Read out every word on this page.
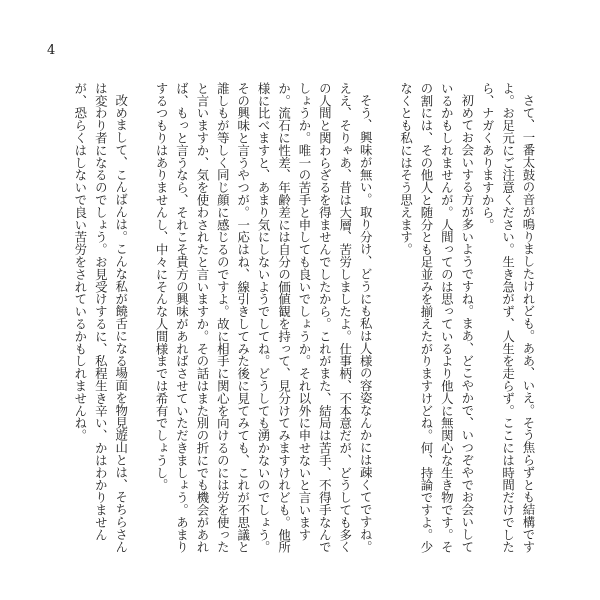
4

さて、一番太鼓の音が鳴りましたけれども。ああ、いえ。そう焦らずとも結構ですよ。お足元にご注意ください。生き急がず、人生を走らず。ここには時間だけでしたら、ナガくありますから。

初めてお会いする方が多いようですね。まあ、どこやかで、いつぞやでお会いしているかもしれませんが。人間ってのは思っているより他人に無関心な生き物です。その割には、その他人と随分とも足並みを揃えたがりますけどね。何、持論ですよ。少なくとも私にはそう思えます。

そう、興味が無い。取り分け、どうにも私は人様の容姿なんかには疎くてですね。ええ、そりゃあ、昔は大層、苦労しましたよ。仕事柄、不本意だが、どうしても多くの人間と関わらざるを得ませんでしたから。これがまた、結局は苦手、不得手なんでしょうか。唯一の苦手と申しても良いでしょうか。それ以外に申せないと言いますか。流石に性差、年齢差には自分の価値観を持って、見分けてみますけれども。他所様に比べますと、あまり気にしないようでしてね。どうしても湧かないのでしょう。その興味と言うやつが。一応はね、線引きしてみた後に見てみても、これが不思議と誰しもが等しく同じ顔に感じるのですよ。故に相手に関心を向けるのには労を使ったと言いますか、気を使わされたと言いますか。その話はまた別の折にでも機会があれば、もっと言うなら、それこそ貴方の興味があればさせていただきましょう。あまりするつもりはありませんし、中々にそんな人間様までは希有でしょうし。

改めまして、こんばんは。こんな私が饒舌になる場面を物見遊山とは、そちらさんは変わり者になるのでしょう。お見受けするに、私程生き辛い、かはわかりませんが、恐らくはしないで良い苦労をされているかもしれませんね。
